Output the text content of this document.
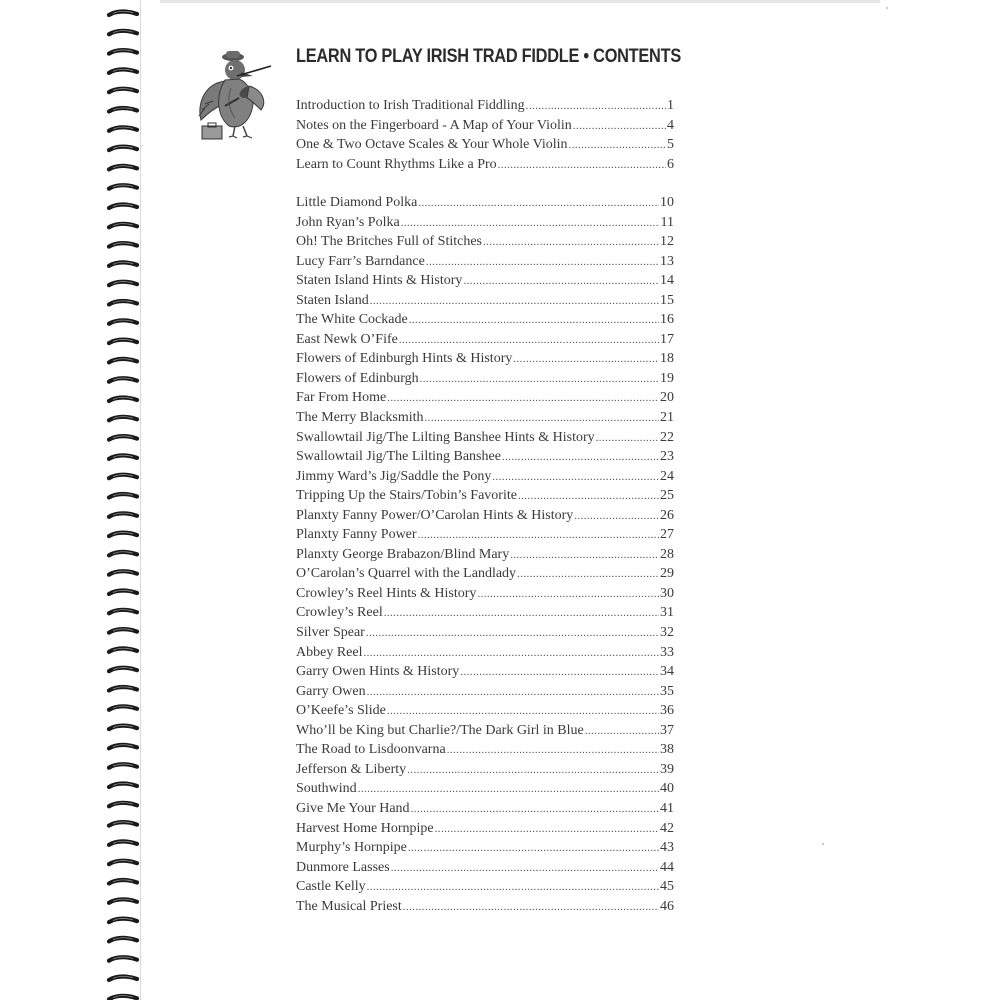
LEARN TO PLAY IRISH TRAD FIDDLE • CONTENTS
Introduction to Irish Traditional Fiddling .....	1
Notes on the Fingerboard - A Map of Your Violin .....	4
One & Two Octave Scales & Your Whole Violin .....	5
Learn to Count Rhythms Like a Pro .....	6
Little Diamond Polka .....	10
John Ryan’s Polka .....	11
Oh! The Britches Full of Stitches .....	12
Lucy Farr’s Barndance .....	13
Staten Island Hints & History .....	14
Staten Island .....	15
The White Cockade .....	16
East Newk O’Fife .....	17
Flowers of Edinburgh Hints & History .....	18
Flowers of Edinburgh .....	19
Far From Home .....	20
The Merry Blacksmith .....	21
Swallowtail Jig/The Lilting Banshee Hints & History .....	22
Swallowtail Jig/The Lilting Banshee .....	23
Jimmy Ward’s Jig/Saddle the Pony .....	24
Tripping Up the Stairs/Tobin’s Favorite .....	25
Planxty Fanny Power/O’Carolan Hints & History .....	26
Planxty Fanny Power .....	27
Planxty George Brabazon/Blind Mary .....	28
O’Carolan’s Quarrel with the Landlady .....	29
Crowley’s Reel Hints & History .....	30
Crowley’s Reel .....	31
Silver Spear .....	32
Abbey Reel .....	33
Garry Owen Hints & History .....	34
Garry Owen .....	35
O’Keefe’s Slide .....	36
Who’ll be King but Charlie?/The Dark Girl in Blue .....	37
The Road to Lisdoonvarna .....	38
Jefferson & Liberty .....	39
Southwind .....	40
Give Me Your Hand .....	41
Harvest Home Hornpipe .....	42
Murphy’s Hornpipe .....	43
Dunmore Lasses .....	44
Castle Kelly .....	45
The Musical Priest .....	46
